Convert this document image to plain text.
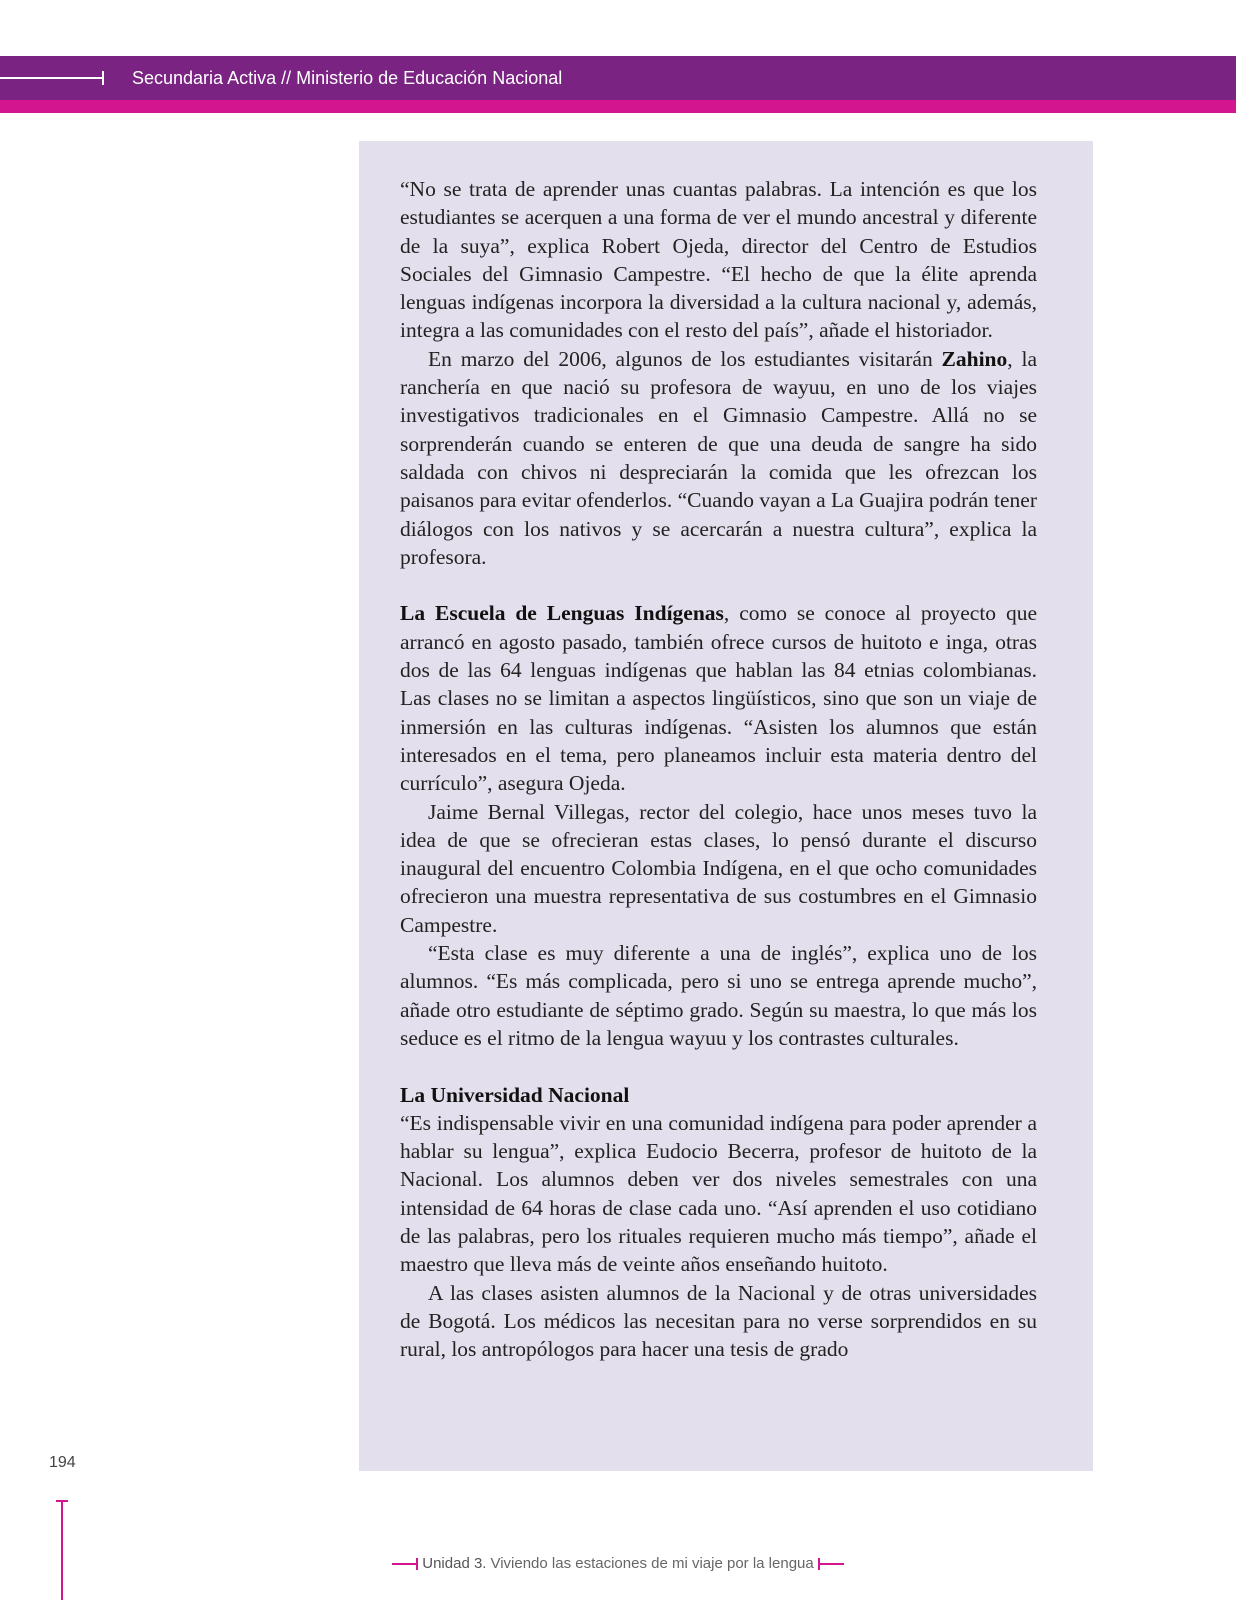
Secundaria Activa // Ministerio de Educación Nacional

“No se trata de aprender unas cuantas palabras. La intención es que los estudiantes se acerquen a una forma de ver el mundo ancestral y diferente de la suya”, explica Robert Ojeda, director del Centro de Estudios Sociales del Gimnasio Campestre. “El hecho de que la élite aprenda lenguas indígenas incorpora la diversidad a la cultura nacional y, además, integra a las comunidades con el resto del país”, añade el historiador.

En marzo del 2006, algunos de los estudiantes visitarán Zahino, la ranchería en que nació su profesora de wayuu, en uno de los viajes investigativos tradicionales en el Gimnasio Campestre. Allá no se sorprenderán cuando se enteren de que una deuda de sangre ha sido saldada con chivos ni despreciarán la comida que les ofrezcan los paisanos para evitar ofenderlos. “Cuando vayan a La Guajira podrán tener diálogos con los nativos y se acercarán a nuestra cultura”, explica la profesora.

La Escuela de Lenguas Indígenas, como se conoce al proyecto que arrancó en agosto pasado, también ofrece cursos de huitoto e inga, otras dos de las 64 lenguas indígenas que hablan las 84 etnias colombianas. Las clases no se limitan a aspectos lingüísticos, sino que son un viaje de inmersión en las culturas indígenas. “Asisten los alumnos que están interesados en el tema, pero planeamos incluir esta materia dentro del currículo”, asegura Ojeda.

Jaime Bernal Villegas, rector del colegio, hace unos meses tuvo la idea de que se ofrecieran estas clases, lo pensó durante el discurso inaugural del encuentro Colombia Indígena, en el que ocho comunidades ofrecieron una muestra representativa de sus costumbres en el Gimnasio Campestre.

“Esta clase es muy diferente a una de inglés”, explica uno de los alumnos. “Es más complicada, pero si uno se entrega aprende mucho”, añade otro estudiante de séptimo grado. Según su maestra, lo que más los seduce es el ritmo de la lengua wayuu y los contrastes culturales.

La Universidad Nacional

“Es indispensable vivir en una comunidad indígena para poder aprender a hablar su lengua”, explica Eudocio Becerra, profesor de huitoto de la Nacional. Los alumnos deben ver dos niveles semestrales con una intensidad de 64 horas de clase cada uno. “Así aprenden el uso cotidiano de las palabras, pero los rituales requieren mucho más tiempo”, añade el maestro que lleva más de veinte años enseñando huitoto.

A las clases asisten alumnos de la Nacional y de otras universidades de Bogotá. Los médicos las necesitan para no verse sorprendidos en su rural, los antropólogos para hacer una tesis de grado

194
Unidad 3. Viviendo las estaciones de mi viaje por la lengua
